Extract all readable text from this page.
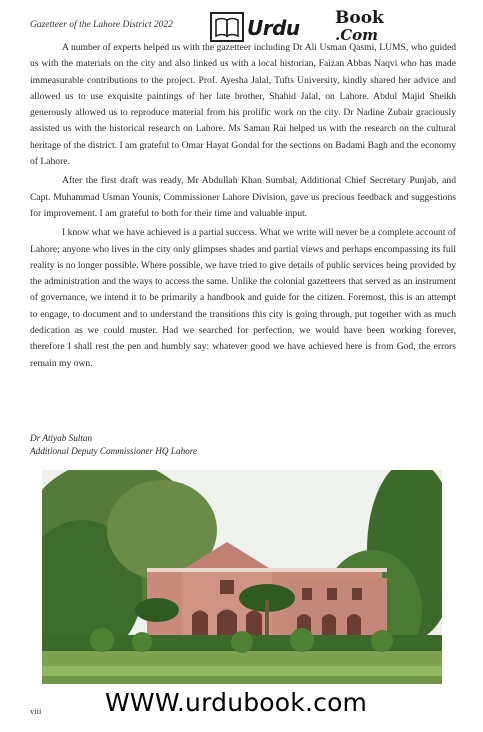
Gazetteer of the Lahore District 2022	Urdu Book
.Com

A number of experts helped us with the gazetteer including Dr Ali Usman Qasmi, LUMS, who guided us with the materials on the city and also linked us with a local historian, Faizan Abbas Naqvi who has made immeasurable contributions to the project. Prof. Ayesha Jalal, Tufts University, kindly shared her advice and allowed us to use exquisite paintings of her late brother, Shahid Jalal, on Lahore. Abdul Majid Sheikh generously allowed us to reproduce material from his prolific work on the city. Dr Nadine Zubair graciously assisted us with the historical research on Lahore. Ms Saman Rai helped us with the research on the cultural heritage of the district. I am grateful to Omar Hayat Gondal for the sections on Badami Bagh and the economy of Lahore.

After the first draft was ready, Mr Abdullah Khan Sumbal, Additional Chief Secretary Punjab, and Capt. Muhammad Usman Younis, Commissioner Lahore Division, gave us precious feedback and suggestions for improvement. I am grateful to both for their time and valuable input.

I know what we have achieved is a partial success. What we write will never be a complete account of Lahore; anyone who lives in the city only glimpses shades and partial views and perhaps encompassing its full reality is no longer possible. Where possible, we have tried to give details of public services being provided by the administration and the ways to access the same. Unlike the colonial gazetteers that served as an instrument of governance, we intend it to be primarily a handbook and guide for the citizen. Foremost, this is an attempt to engage, to document and to understand the transitions this city is going through, put together with as much dedication as we could muster. Had we searched for perfection, we would have been working forever, therefore I shall rest the pen and humbly say: whatever good we have achieved here is from God, the errors remain my own.

Dr Atiyab Sultan
Additional Deputy Commissioner HQ Lahore
viii	WWW.urdubook.com
